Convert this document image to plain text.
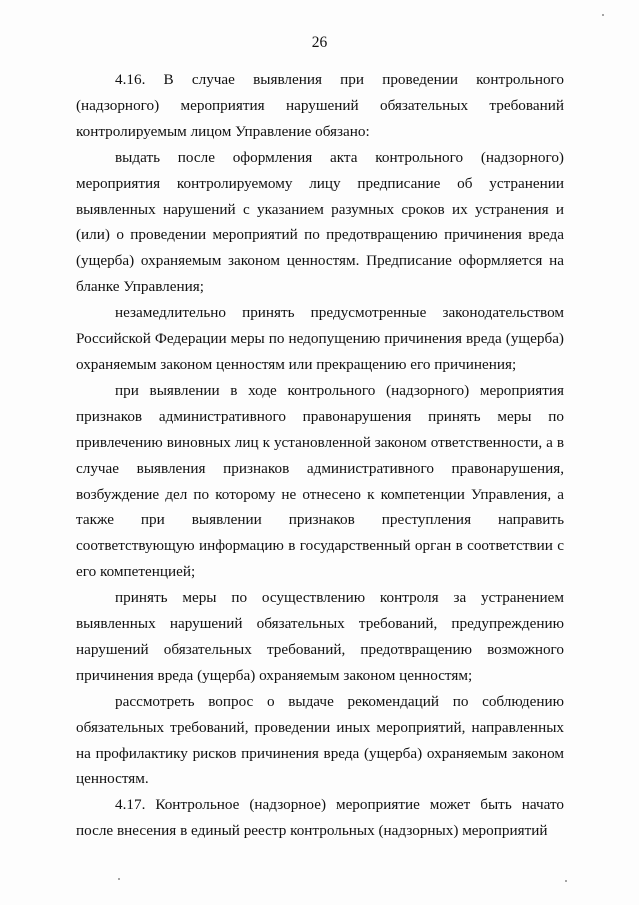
26

4.16. В случае выявления при проведении контрольного (надзорного) мероприятия нарушений обязательных требований контролируемым лицом Управление обязано:

выдать после оформления акта контрольного (надзорного) мероприятия контролируемому лицу предписание об устранении выявленных нарушений с указанием разумных сроков их устранения и (или) о проведении мероприятий по предотвращению причинения вреда (ущерба) охраняемым законом ценностям. Предписание оформляется на бланке Управления;

незамедлительно принять предусмотренные законодательством Российской Федерации меры по недопущению причинения вреда (ущерба) охраняемым законом ценностям или прекращению его причинения;

при выявлении в ходе контрольного (надзорного) мероприятия признаков административного правонарушения принять меры по привлечению виновных лиц к установленной законом ответственности, а в случае выявления признаков административного правонарушения, возбуждение дел по которому не отнесено к компетенции Управления, а также при выявлении признаков преступления направить соответствующую информацию в государственный орган в соответствии с его компетенцией;

принять меры по осуществлению контроля за устранением выявленных нарушений обязательных требований, предупреждению нарушений обязательных требований, предотвращению возможного причинения вреда (ущерба) охраняемым законом ценностям;

рассмотреть вопрос о выдаче рекомендаций по соблюдению обязательных требований, проведении иных мероприятий, направленных на профилактику рисков причинения вреда (ущерба) охраняемым законом ценностям.

4.17. Контрольное (надзорное) мероприятие может быть начато после внесения в единый реестр контрольных (надзорных) мероприятий
